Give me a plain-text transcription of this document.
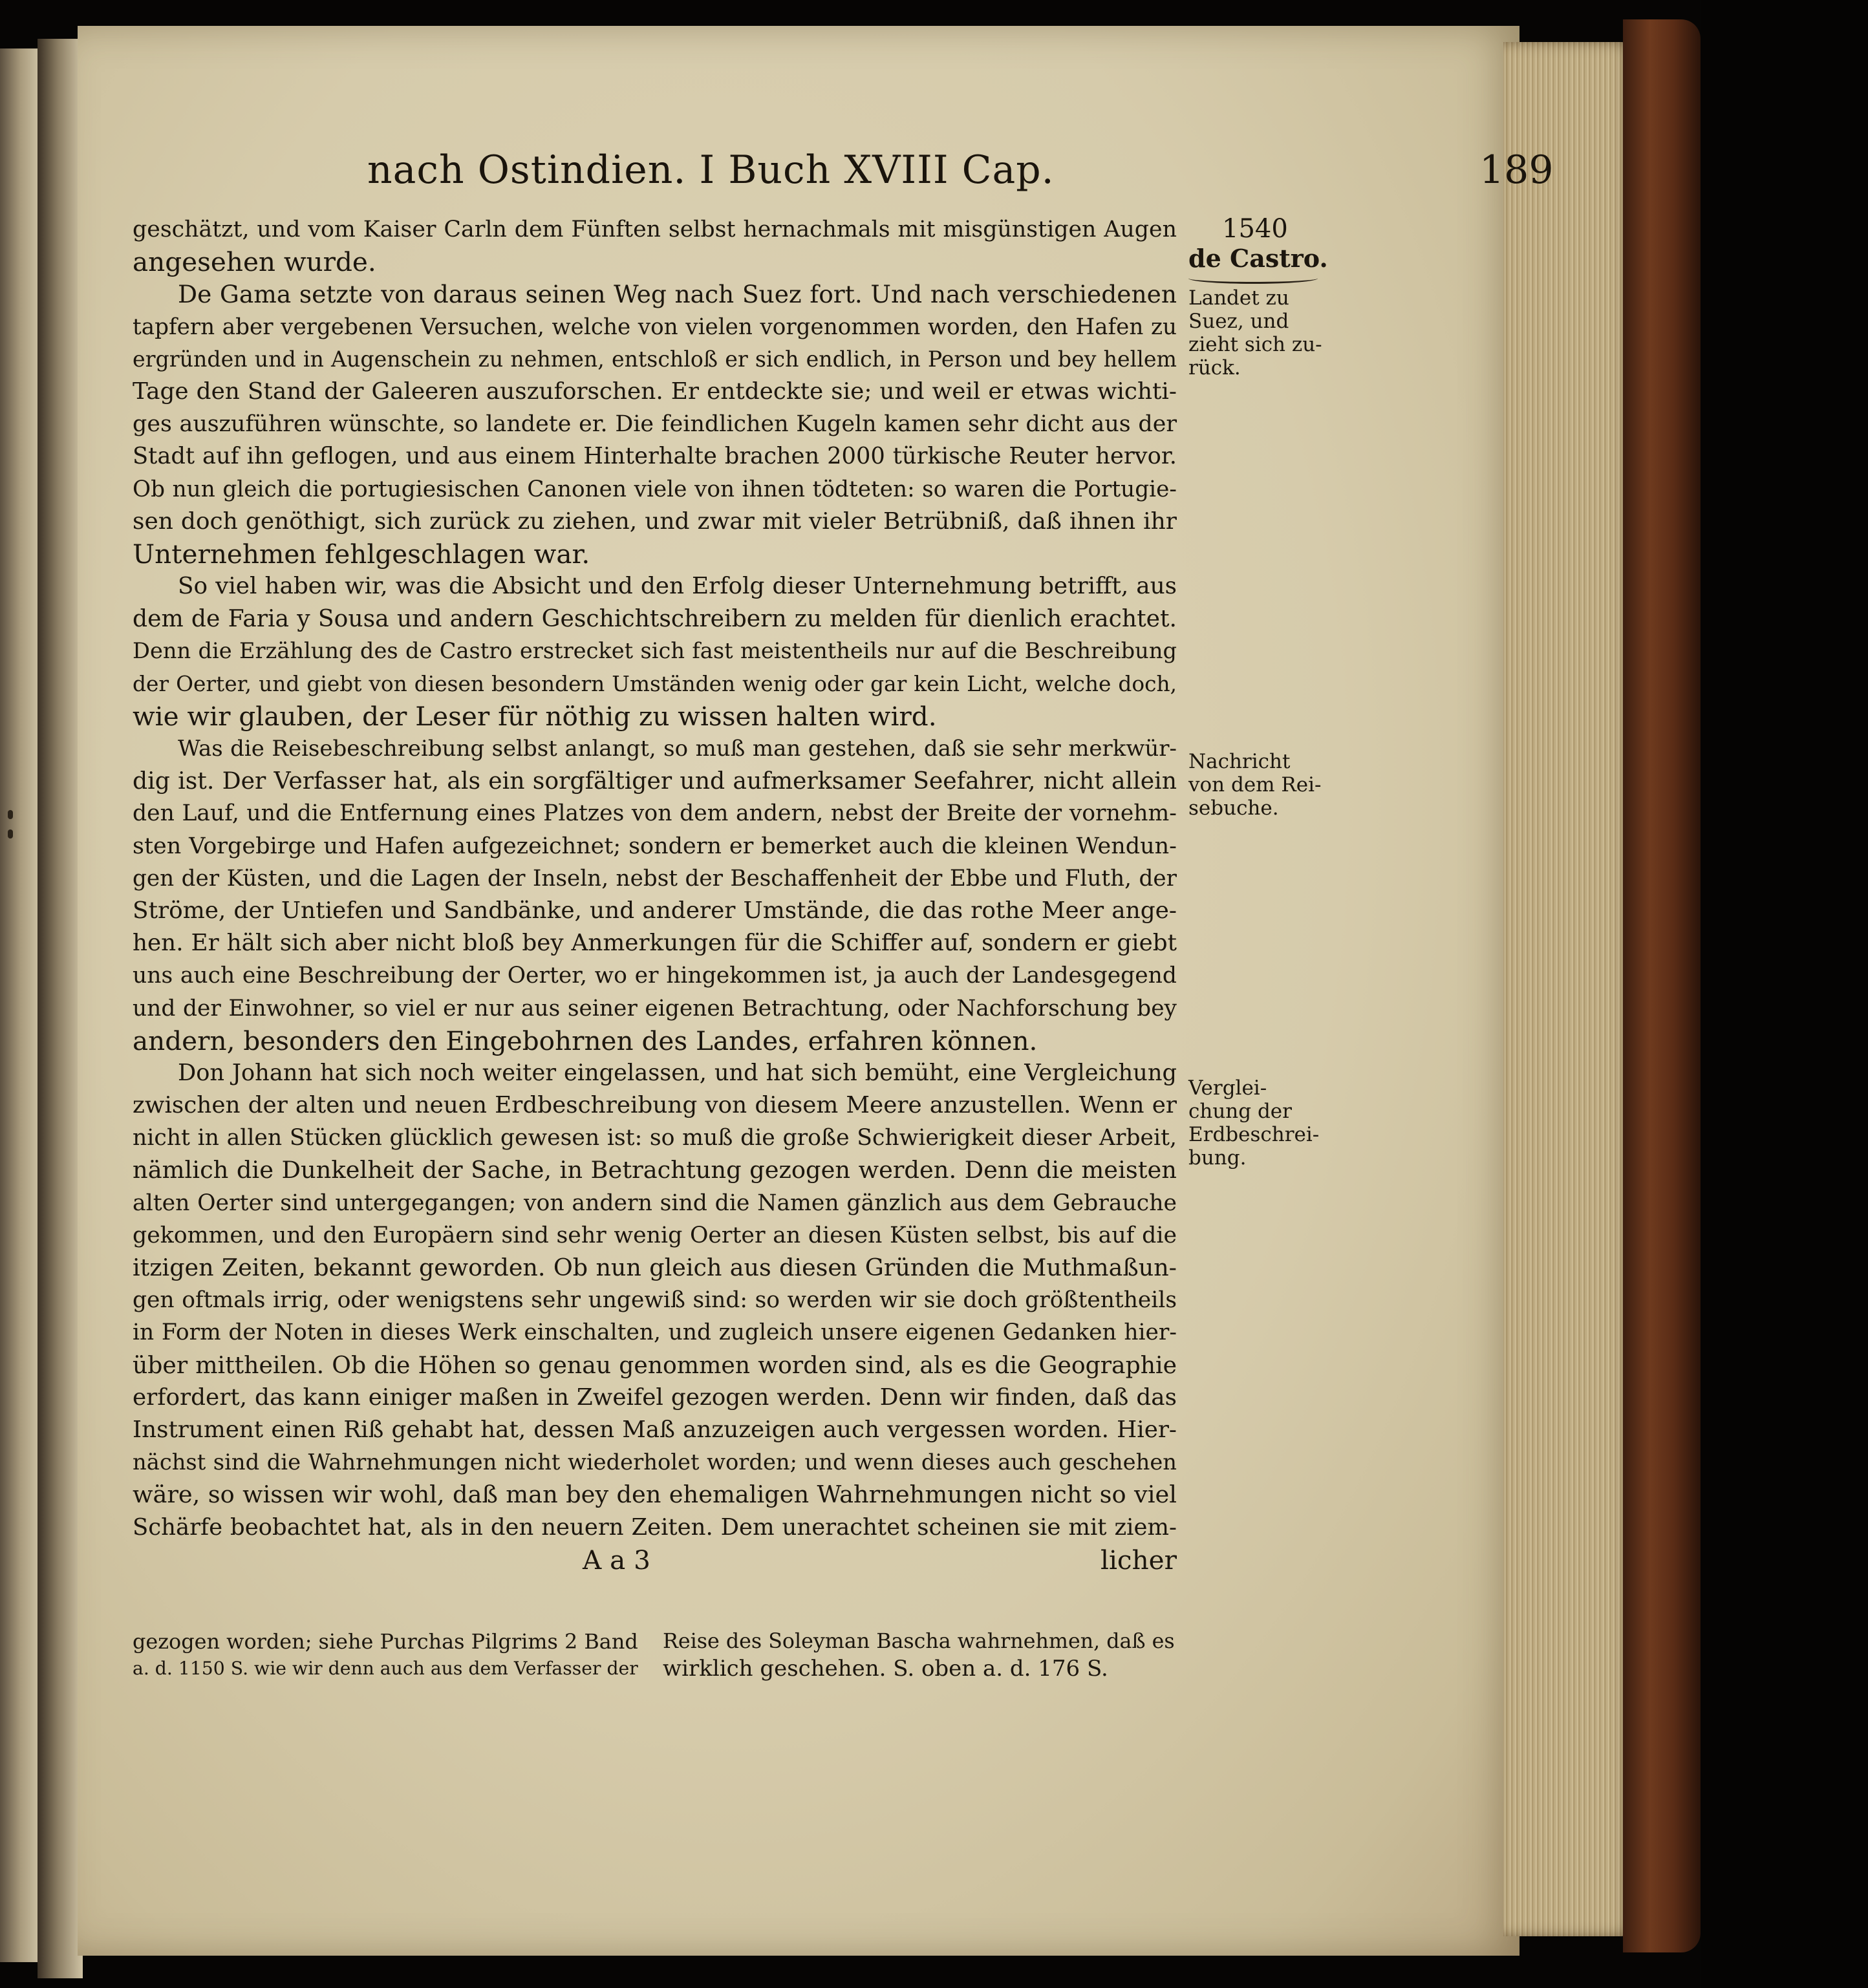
nach Ostindien. I Buch XVIII Cap.	189
geschätzt, und vom Kaiser Carln dem Fünften selbst hernachmals mit misgünstigen Augen
angesehen wurde.
De Gama setzte von daraus seinen Weg nach Suez fort. Und nach verschiedenen
tapfern aber vergebenen Versuchen, welche von vielen vorgenommen worden, den Hafen zu
ergründen und in Augenschein zu nehmen, entschloß er sich endlich, in Person und bey hellem
Tage den Stand der Galeeren auszuforschen. Er entdeckte sie; und weil er etwas wichti-
ges auszuführen wünschte, so landete er. Die feindlichen Kugeln kamen sehr dicht aus der
Stadt auf ihn geflogen, und aus einem Hinterhalte brachen 2000 türkische Reuter hervor.
Ob nun gleich die portugiesischen Canonen viele von ihnen tödteten: so waren die Portugie-
sen doch genöthigt, sich zurück zu ziehen, und zwar mit vieler Betrübniß, daß ihnen ihr
Unternehmen fehlgeschlagen war.
So viel haben wir, was die Absicht und den Erfolg dieser Unternehmung betrifft, aus
dem de Faria y Sousa und andern Geschichtschreibern zu melden für dienlich erachtet.
Denn die Erzählung des de Castro erstrecket sich fast meistentheils nur auf die Beschreibung
der Oerter, und giebt von diesen besondern Umständen wenig oder gar kein Licht, welche doch,
wie wir glauben, der Leser für nöthig zu wissen halten wird.
Was die Reisebeschreibung selbst anlangt, so muß man gestehen, daß sie sehr merkwür-
dig ist. Der Verfasser hat, als ein sorgfältiger und aufmerksamer Seefahrer, nicht allein
den Lauf, und die Entfernung eines Platzes von dem andern, nebst der Breite der vornehm-
sten Vorgebirge und Hafen aufgezeichnet; sondern er bemerket auch die kleinen Wendun-
gen der Küsten, und die Lagen der Inseln, nebst der Beschaffenheit der Ebbe und Fluth, der
Ströme, der Untiefen und Sandbänke, und anderer Umstände, die das rothe Meer ange-
hen. Er hält sich aber nicht bloß bey Anmerkungen für die Schiffer auf, sondern er giebt
uns auch eine Beschreibung der Oerter, wo er hingekommen ist, ja auch der Landesgegend
und der Einwohner, so viel er nur aus seiner eigenen Betrachtung, oder Nachforschung bey
andern, besonders den Eingebohrnen des Landes, erfahren können.
Don Johann hat sich noch weiter eingelassen, und hat sich bemüht, eine Vergleichung
zwischen der alten und neuen Erdbeschreibung von diesem Meere anzustellen. Wenn er
nicht in allen Stücken glücklich gewesen ist: so muß die große Schwierigkeit dieser Arbeit,
nämlich die Dunkelheit der Sache, in Betrachtung gezogen werden. Denn die meisten
alten Oerter sind untergegangen; von andern sind die Namen gänzlich aus dem Gebrauche
gekommen, und den Europäern sind sehr wenig Oerter an diesen Küsten selbst, bis auf die
itzigen Zeiten, bekannt geworden. Ob nun gleich aus diesen Gründen die Muthmaßun-
gen oftmals irrig, oder wenigstens sehr ungewiß sind: so werden wir sie doch größtentheils
in Form der Noten in dieses Werk einschalten, und zugleich unsere eigenen Gedanken hier-
über mittheilen. Ob die Höhen so genau genommen worden sind, als es die Geographie
erfordert, das kann einiger maßen in Zweifel gezogen werden. Denn wir finden, daß das
Instrument einen Riß gehabt hat, dessen Maß anzuzeigen auch vergessen worden. Hier-
nächst sind die Wahrnehmungen nicht wiederholet worden; und wenn dieses auch geschehen
wäre, so wissen wir wohl, daß man bey den ehemaligen Wahrnehmungen nicht so viel
Schärfe beobachtet hat, als in den neuern Zeiten. Dem unerachtet scheinen sie mit ziem-
A a 3	licher
1540
de Castro.
Landet zu
Suez, und
zieht sich zu-
rück.
Nachricht
von dem Rei-
sebuche.
Verglei-
chung der
Erdbeschrei-
bung.
gezogen worden; siehe Purchas Pilgrims 2 Band
a. d. 1150 S. wie wir denn auch aus dem Verfasser der
Reise des Soleyman Bascha wahrnehmen, daß es
wirklich geschehen. S. oben a. d. 176 S.
